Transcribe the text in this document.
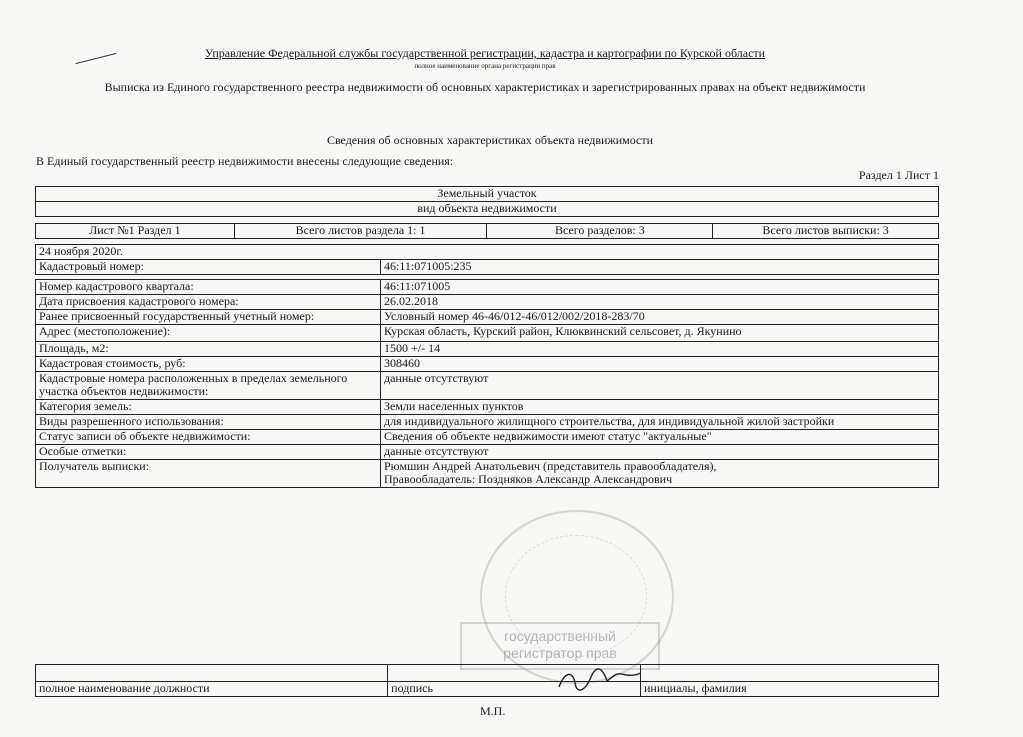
Управление Федеральной службы государственной регистрации, кадастра и картографии по Курской области
полное наименование органа регистрации прав
Выписка из Единого государственного реестра недвижимости об основных характеристиках и зарегистрированных правах на объект недвижимости
Сведения об основных характеристиках объекта недвижимости
В Единый государственный реестр недвижимости внесены следующие сведения:
Раздел 1 Лист 1
Земельный участок
вид объекта недвижимости
Лист №1 Раздел 1	Всего листов раздела 1: 1	Всего разделов: 3	Всего листов выписки: 3
24 ноября 2020г.
Кадастровый номер:	46:11:071005:235
Номер кадастрового квартала:	46:11:071005
Дата присвоения кадастрового номера:	26.02.2018
Ранее присвоенный государственный учетный номер:	Условный номер 46-46/012-46/012/002/2018-283/70
Адрес (местоположение):	Курская область, Курский район, Клюквинский сельсовет, д. Якунино
Площадь, м2:	1500 +/- 14
Кадастровая стоимость, руб:	308460
Кадастровые номера расположенных в пределах земельного участка объектов недвижимости:	данные отсутствуют
Категория земель:	Земли населенных пунктов
Виды разрешенного использования:	для индивидуального жилищного строительства, для индивидуальной жилой застройки
Статус записи об объекте недвижимости:	Сведения об объекте недвижимости имеют статус "актуальные"
Особые отметки:	данные отсутствуют
Получатель выписки:	Рюмшин Андрей Анатольевич (представитель правообладателя),
Правообладатель: Поздняков Александр Александрович
государственный
регистратор прав

полное наименование должности	подпись	инициалы, фамилия
М.П.
